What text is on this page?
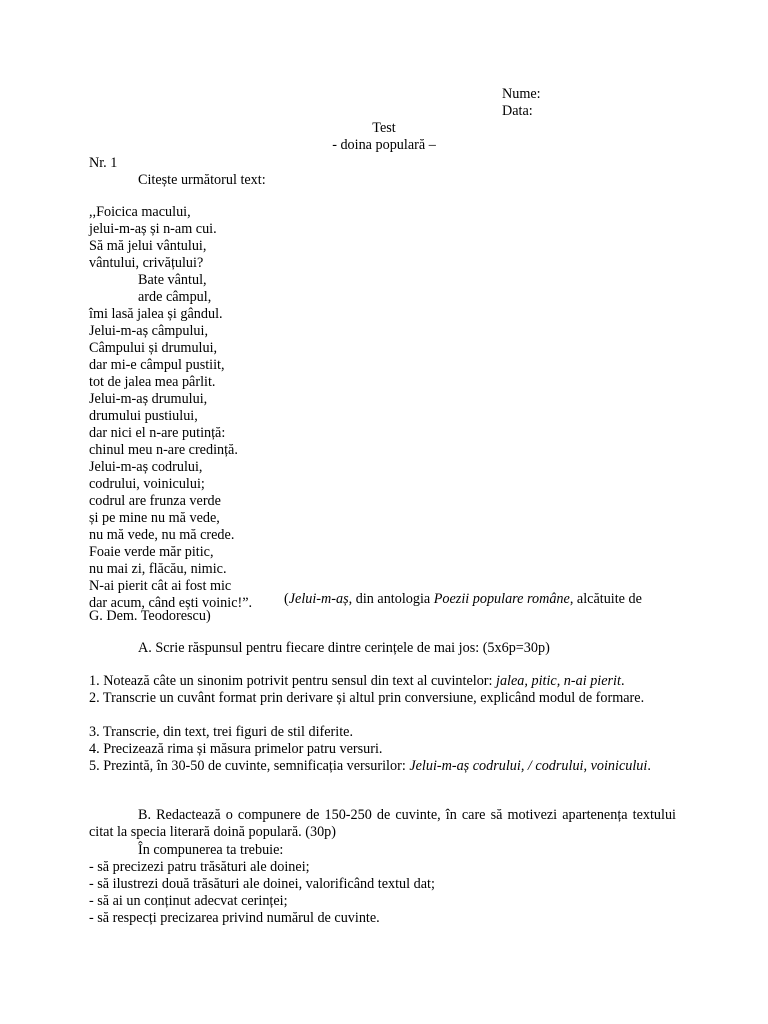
Nume:
Data:
Test
- doina populară –
Nr. 1
Citește următorul text:
,,Foicica macului,
jelui-m-aș și n-am cui.
Să mă jelui vântului,
vântului, crivățului?
Bate vântul,
arde câmpul,
îmi lasă jalea și gândul.
Jelui-m-aș câmpului,
Câmpului și drumului,
dar mi-e câmpul pustiit,
tot de jalea mea pârlit.
Jelui-m-aș drumului,
drumului pustiului,
dar nici el n-are putință:
chinul meu n-are credință.
Jelui-m-aș codrului,
codrului, voinicului;
codrul are frunza verde
și pe mine nu mă vede,
nu mă vede, nu mă crede.
Foaie verde măr pitic,
nu mai zi, flăcău, nimic.
N-ai pierit cât ai fost mic
dar acum, când ești voinic!”. (Jelui-m-aș, din antologia Poezii populare române, alcătuite de
G. Dem. Teodorescu)
A. Scrie răspunsul pentru fiecare dintre cerințele de mai jos: (5x6p=30p)
1. Notează câte un sinonim potrivit pentru sensul din text al cuvintelor: jalea, pitic, n-ai pierit.
2. Transcrie un cuvânt format prin derivare și altul prin conversiune, explicând modul de formare.
3. Transcrie, din text, trei figuri de stil diferite.
4. Precizează rima și măsura primelor patru versuri.
5. Prezintă, în 30-50 de cuvinte, semnificația versurilor: Jelui-m-aș codrului, / codrului, voinicului.
B. Redactează o compunere de 150-250 de cuvinte, în care să motivezi apartenența textului citat la specia literară doină populară. (30p)
În compunerea ta trebuie:
- să precizezi patru trăsături ale doinei;
- să ilustrezi două trăsături ale doinei, valorificând textul dat;
- să ai un conținut adecvat cerinței;
- să respecți precizarea privind numărul de cuvinte.
